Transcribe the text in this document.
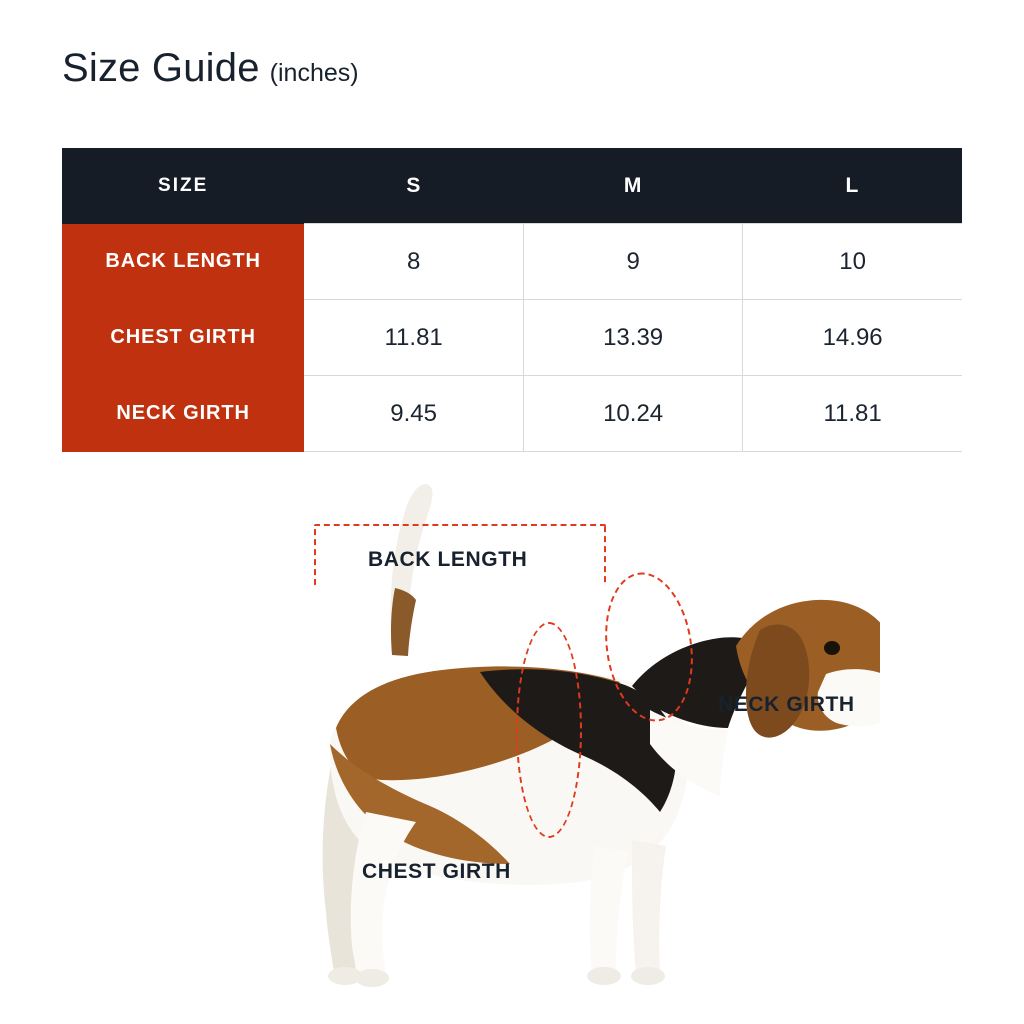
Size Guide (inches)
SIZE	S	M	L
BACK LENGTH	8	9	10
CHEST GIRTH	11.81	13.39	14.96
NECK GIRTH	9.45	10.24	11.81
BACK LENGTH
NECK GIRTH
CHEST GIRTH
